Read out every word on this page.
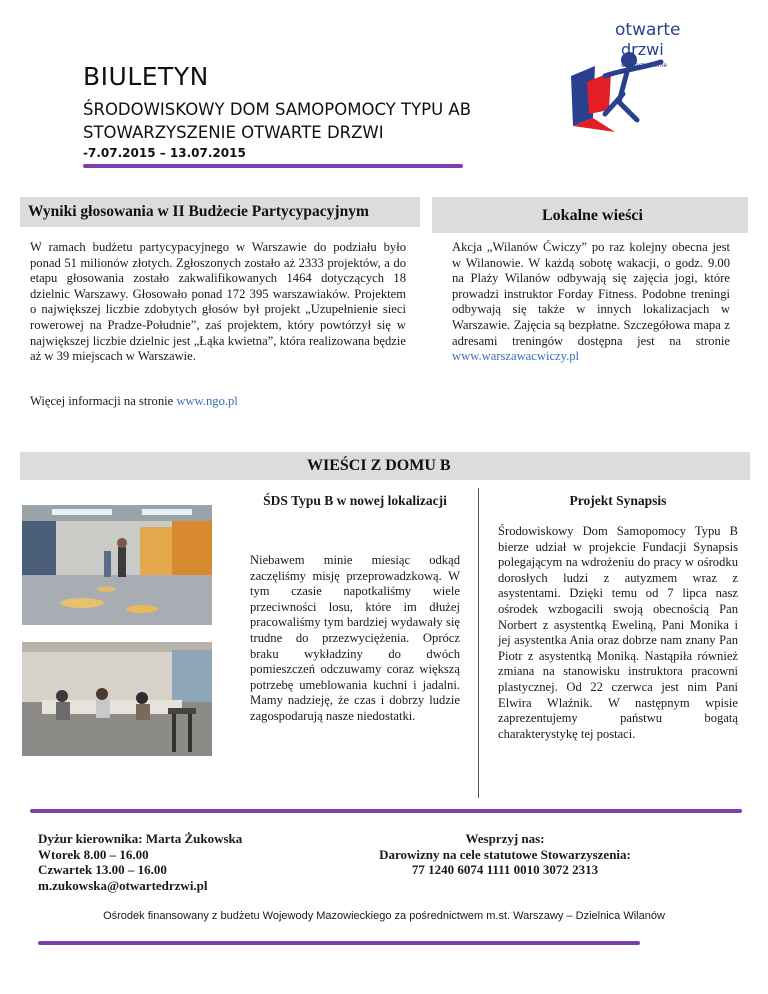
BIULETYN
ŚRODOWISKOWY DOM SAMOPOMOCY TYPU AB
STOWARZYSZENIE OTWARTE DRZWI
-7.07.2015 – 13.07.2015
otwarte
drzwi
stowarzyszenie
Wyniki głosowania w II Budżecie Partycypacyjnym
W ramach budżetu partycypacyjnego w Warszawie do podziału było ponad 51 milionów złotych. Zgłoszonych zostało aż 2333 projektów, a do etapu głosowania zostało zakwalifikowanych 1464 dotyczących 18 dzielnic Warszawy. Głosowało ponad 172 395 warszawiaków. Projektem o największej liczbie zdobytych głosów był projekt „Uzupełnienie sieci rowerowej na Pradze-Południe”, zaś projektem, który powtórzył się w największej liczbie dzielnic jest „Łąka kwietna”, która realizowana będzie aż w 39 miejscach w Warszawie.
Więcej informacji na stronie www.ngo.pl
Lokalne wieści
Akcja „Wilanów Ćwiczy” po raz kolejny obecna jest w Wilanowie. W każdą sobotę wakacji, o godz. 9.00 na Plaży Wilanów odbywają się zajęcia jogi, które prowadzi instruktor Forday Fitness. Podobne treningi odbywają się także w innych lokalizacjach w Warszawie. Zajęcia są bezpłatne. Szczegółowa mapa z adresami treningów dostępna jest na stronie www.warszawacwiczy.pl
WIEŚCI Z DOMU B
ŚDS Typu B w nowej lokalizacji
Niebawem minie miesiąc odkąd zaczęliśmy misję przeprowadzkową. W tym czasie napotkaliśmy wiele przeciwności losu, które im dłużej pracowaliśmy tym bardziej wydawały się trudne do przezwyciężenia. Oprócz braku wykładziny do dwóch pomieszczeń odczuwamy coraz większą potrzebę umeblowania kuchni i jadalni. Mamy nadzieję, że czas i dobrzy ludzie zagospodarują nasze niedostatki.
Projekt Synapsis
Środowiskowy Dom Samopomocy Typu B bierze udział w projekcie Fundacji Synapsis polegającym na wdrożeniu do pracy w ośrodku dorosłych ludzi z autyzmem wraz z asystentami. Dzięki temu od 7 lipca nasz ośrodek wzbogacili swoją obecnością Pan Norbert z asystentką Eweliną, Pani Monika i jej asystentka Ania oraz dobrze nam znany Pan Piotr z asystentką Moniką. Nastąpiła również zmiana na stanowisku instruktora pracowni plastycznej. Od 22 czerwca jest nim Pani Elwira Wlaźnik. W następnym wpisie zaprezentujemy państwu bogatą charakterystykę tej postaci.
Dyżur kierownika: Marta Żukowska
Wtorek 8.00 – 16.00
Czwartek 13.00 – 16.00
m.zukowska@otwartedrzwi.pl
Wesprzyj nas:
Darowizny na cele statutowe Stowarzyszenia:
77 1240 6074 1111 0010 3072 2313
Ośrodek finansowany z budżetu Wojewody Mazowieckiego za pośrednictwem m.st. Warszawy – Dzielnica Wilanów
